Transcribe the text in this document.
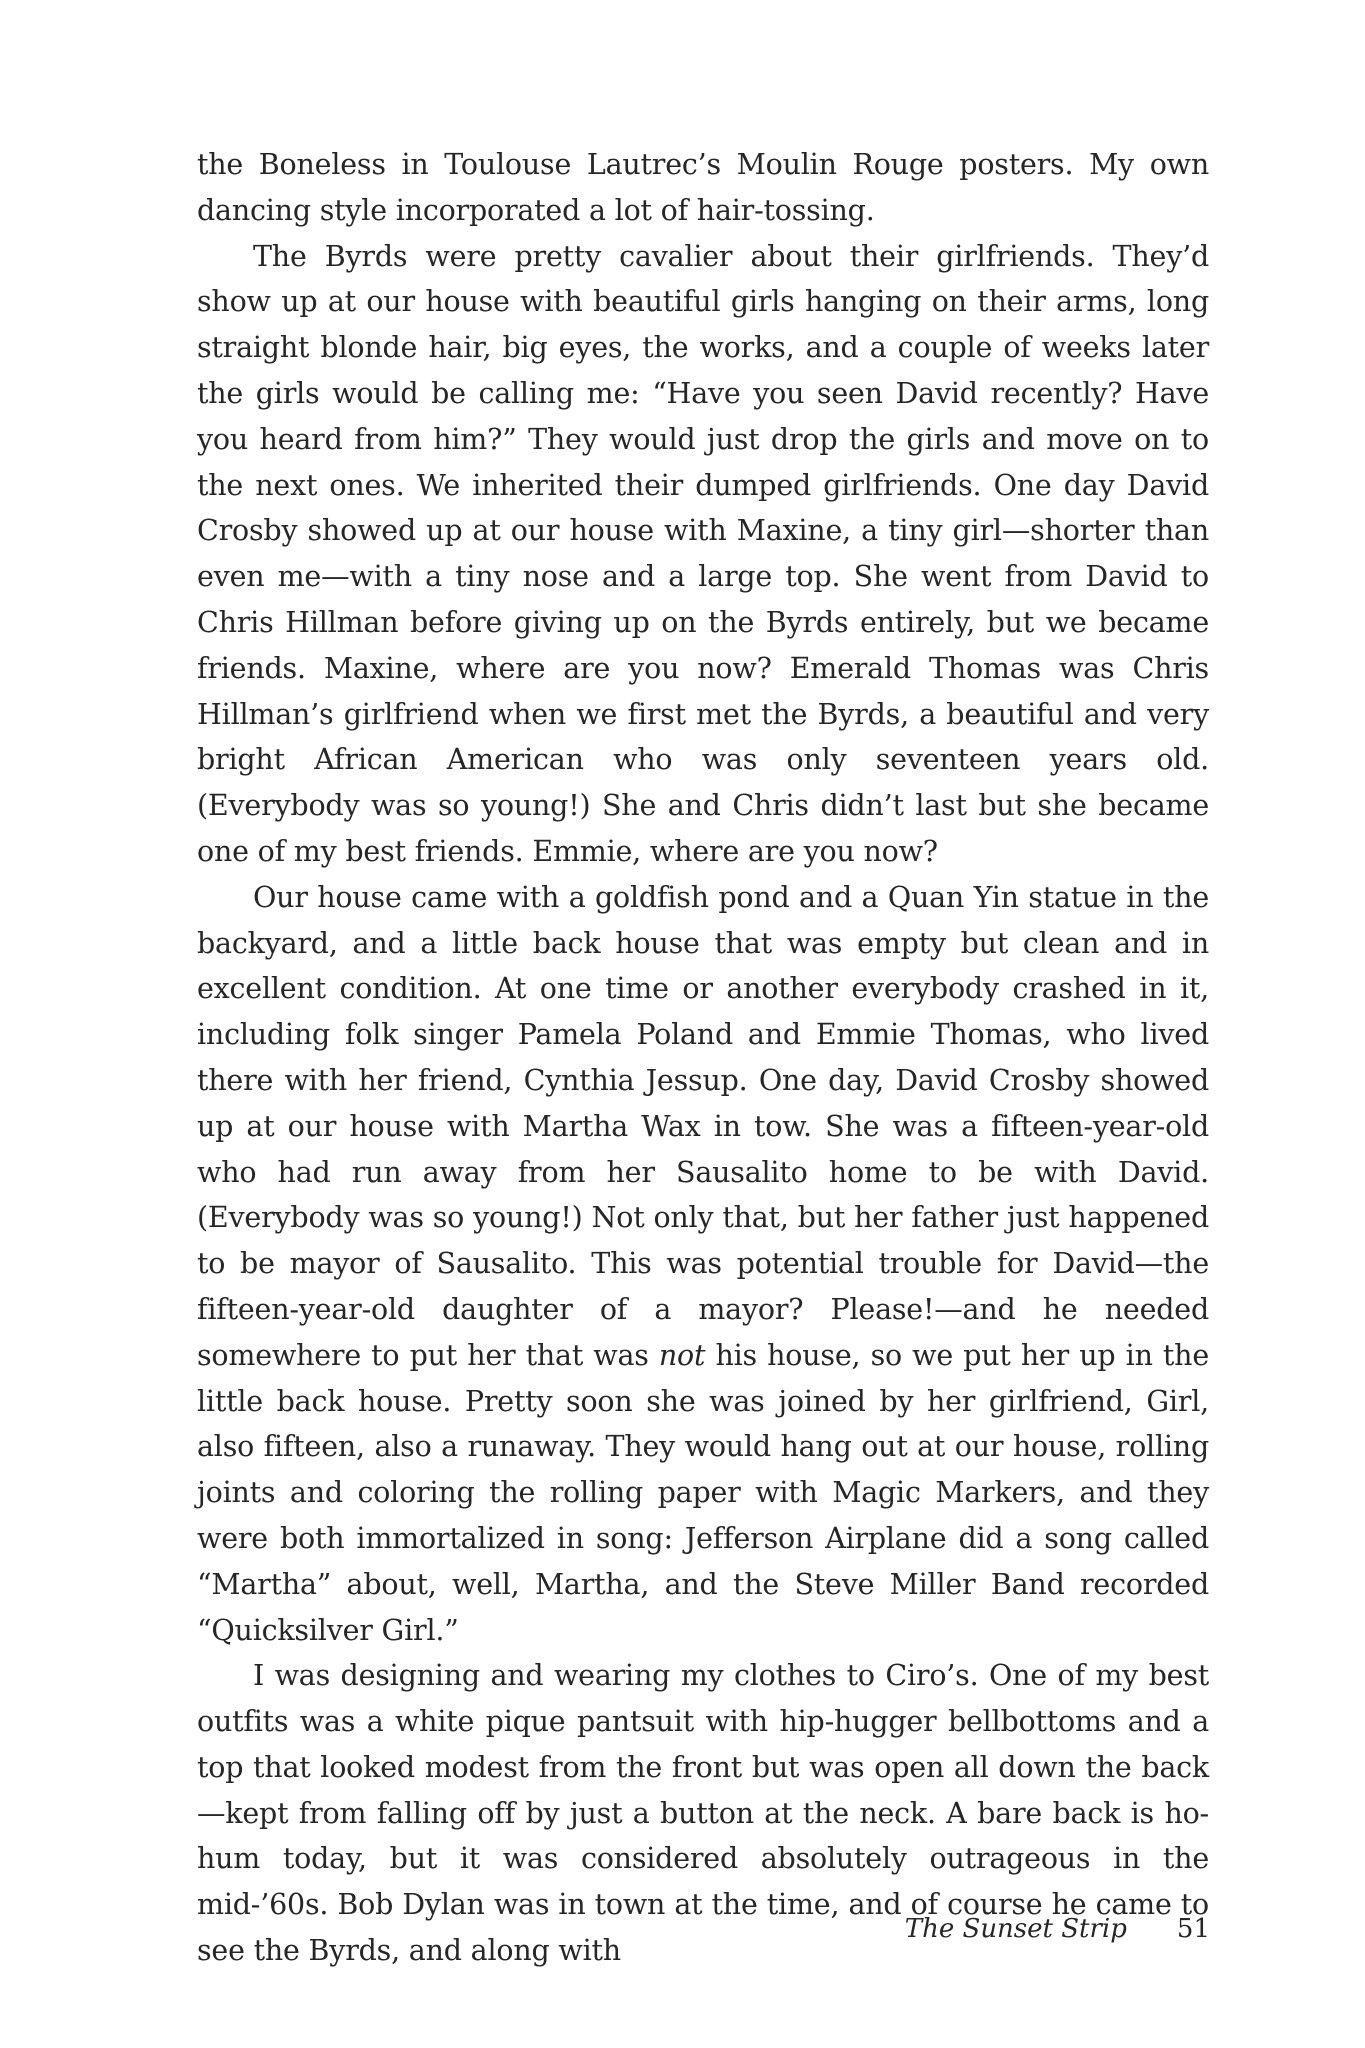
the Boneless in Toulouse Lautrec’s Moulin Rouge posters. My own dancing style incorporated a lot of hair-tossing.

The Byrds were pretty cavalier about their girlfriends. They’d show up at our house with beautiful girls hanging on their arms, long straight blonde hair, big eyes, the works, and a couple of weeks later the girls would be calling me: “Have you seen David recently? Have you heard from him?” They would just drop the girls and move on to the next ones. We inherited their dumped girlfriends. One day David Crosby showed up at our house with Maxine, a tiny girl—shorter than even me—with a tiny nose and a large top. She went from David to Chris Hillman before giving up on the Byrds entirely, but we became friends. Maxine, where are you now? Emerald Thomas was Chris Hillman’s girlfriend when we first met the Byrds, a beautiful and very bright African American who was only seventeen years old. (Everybody was so young!) She and Chris didn’t last but she became one of my best friends. Emmie, where are you now?

Our house came with a goldfish pond and a Quan Yin statue in the backyard, and a little back house that was empty but clean and in excellent condition. At one time or another everybody crashed in it, including folk singer Pamela Poland and Emmie Thomas, who lived there with her friend, Cynthia Jessup. One day, David Crosby showed up at our house with Martha Wax in tow. She was a fifteen-year-old who had run away from her Sausalito home to be with David. (Everybody was so young!) Not only that, but her father just happened to be mayor of Sausalito. This was potential trouble for David—the fifteen-year-old daughter of a mayor? Please!—and he needed somewhere to put her that was not his house, so we put her up in the little back house. Pretty soon she was joined by her girlfriend, Girl, also fifteen, also a runaway. They would hang out at our house, rolling joints and coloring the rolling paper with Magic Markers, and they were both immortalized in song: Jefferson Airplane did a song called “Martha” about, well, Martha, and the Steve Miller Band recorded “Quicksilver Girl.”

I was designing and wearing my clothes to Ciro’s. One of my best outfits was a white pique pantsuit with hip-hugger bellbottoms and a top that looked modest from the front but was open all down the back—kept from falling off by just a button at the neck. A bare back is ho-hum today, but it was considered absolutely outrageous in the mid-’60s. Bob Dylan was in town at the time, and of course he came to see the Byrds, and along with

The Sunset Strip 51
